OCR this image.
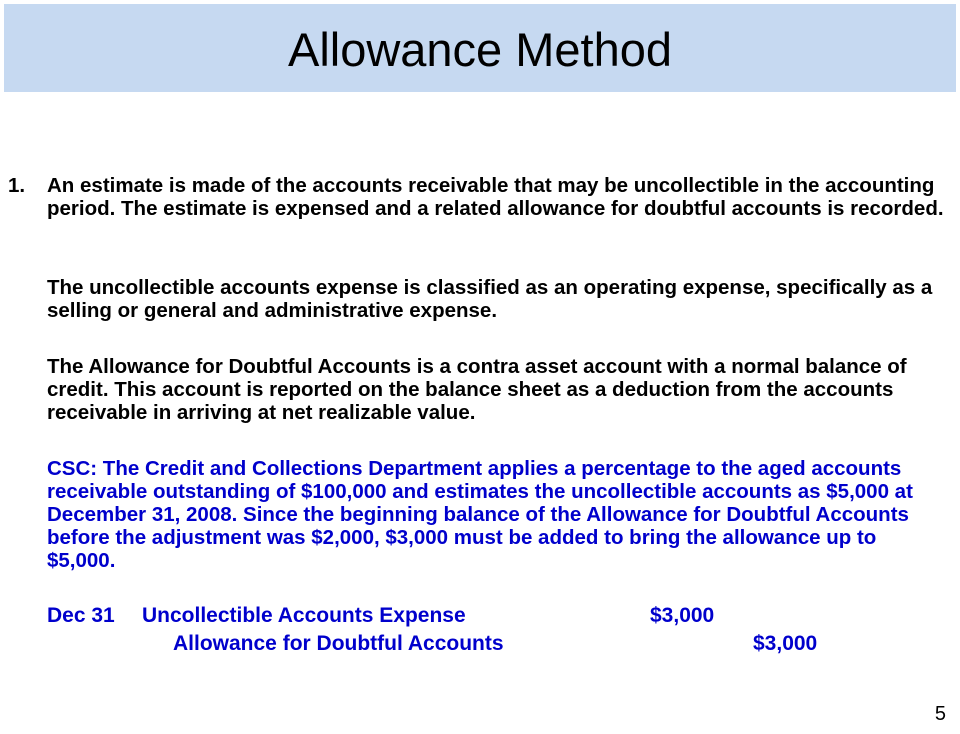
Allowance Method
1. An estimate is made of the accounts receivable that may be uncollectible in the accounting period. The estimate is expensed and a related allowance for doubtful accounts is recorded.

The uncollectible accounts expense is classified as an operating expense, specifically as a selling or general and administrative expense.

The Allowance for Doubtful Accounts is a contra asset account with a normal balance of credit. This account is reported on the balance sheet as a deduction from the accounts receivable in arriving at net realizable value.

CSC: The Credit and Collections Department applies a percentage to the aged accounts receivable outstanding of $100,000 and estimates the uncollectible accounts as $5,000 at December 31, 2008. Since the beginning balance of the Allowance for Doubtful Accounts before the adjustment was $2,000, $3,000 must be added to bring the allowance up to $5,000.

Dec 31 Uncollectible Accounts Expense	$3,000
Allowance for Doubtful Accounts	$3,000
5
